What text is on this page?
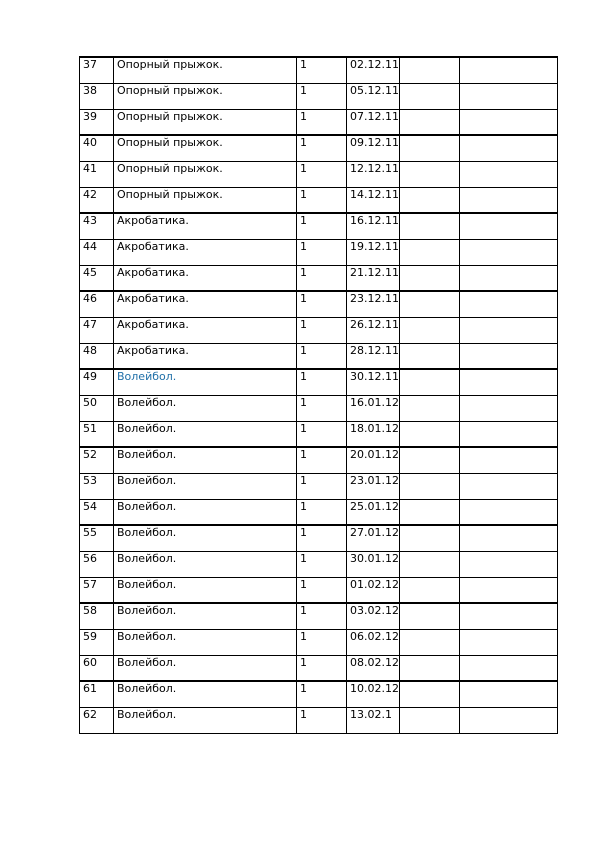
37	Опорный прыжок.	1	02.12.11		
38	Опорный прыжок.	1	05.12.11		
39	Опорный прыжок.	1	07.12.11		
40	Опорный прыжок.	1	09.12.11		
41	Опорный прыжок.	1	12.12.11		
42	Опорный прыжок.	1	14.12.11		
43	Акробатика.	1	16.12.11		
44	Акробатика.	1	19.12.11		
45	Акробатика.	1	21.12.11		
46	Акробатика.	1	23.12.11		
47	Акробатика.	1	26.12.11		
48	Акробатика.	1	28.12.11		
49	Волейбол.	1	30.12.11		
50	Волейбол.	1	16.01.12		
51	Волейбол.	1	18.01.12		
52	Волейбол.	1	20.01.12		
53	Волейбол.	1	23.01.12		
54	Волейбол.	1	25.01.12		
55	Волейбол.	1	27.01.12		
56	Волейбол.	1	30.01.12		
57	Волейбол.	1	01.02.12		
58	Волейбол.	1	03.02.12		
59	Волейбол.	1	06.02.12		
60	Волейбол.	1	08.02.12		
61	Волейбол.	1	10.02.12		
62	Волейбол.	1	13.02.1		
